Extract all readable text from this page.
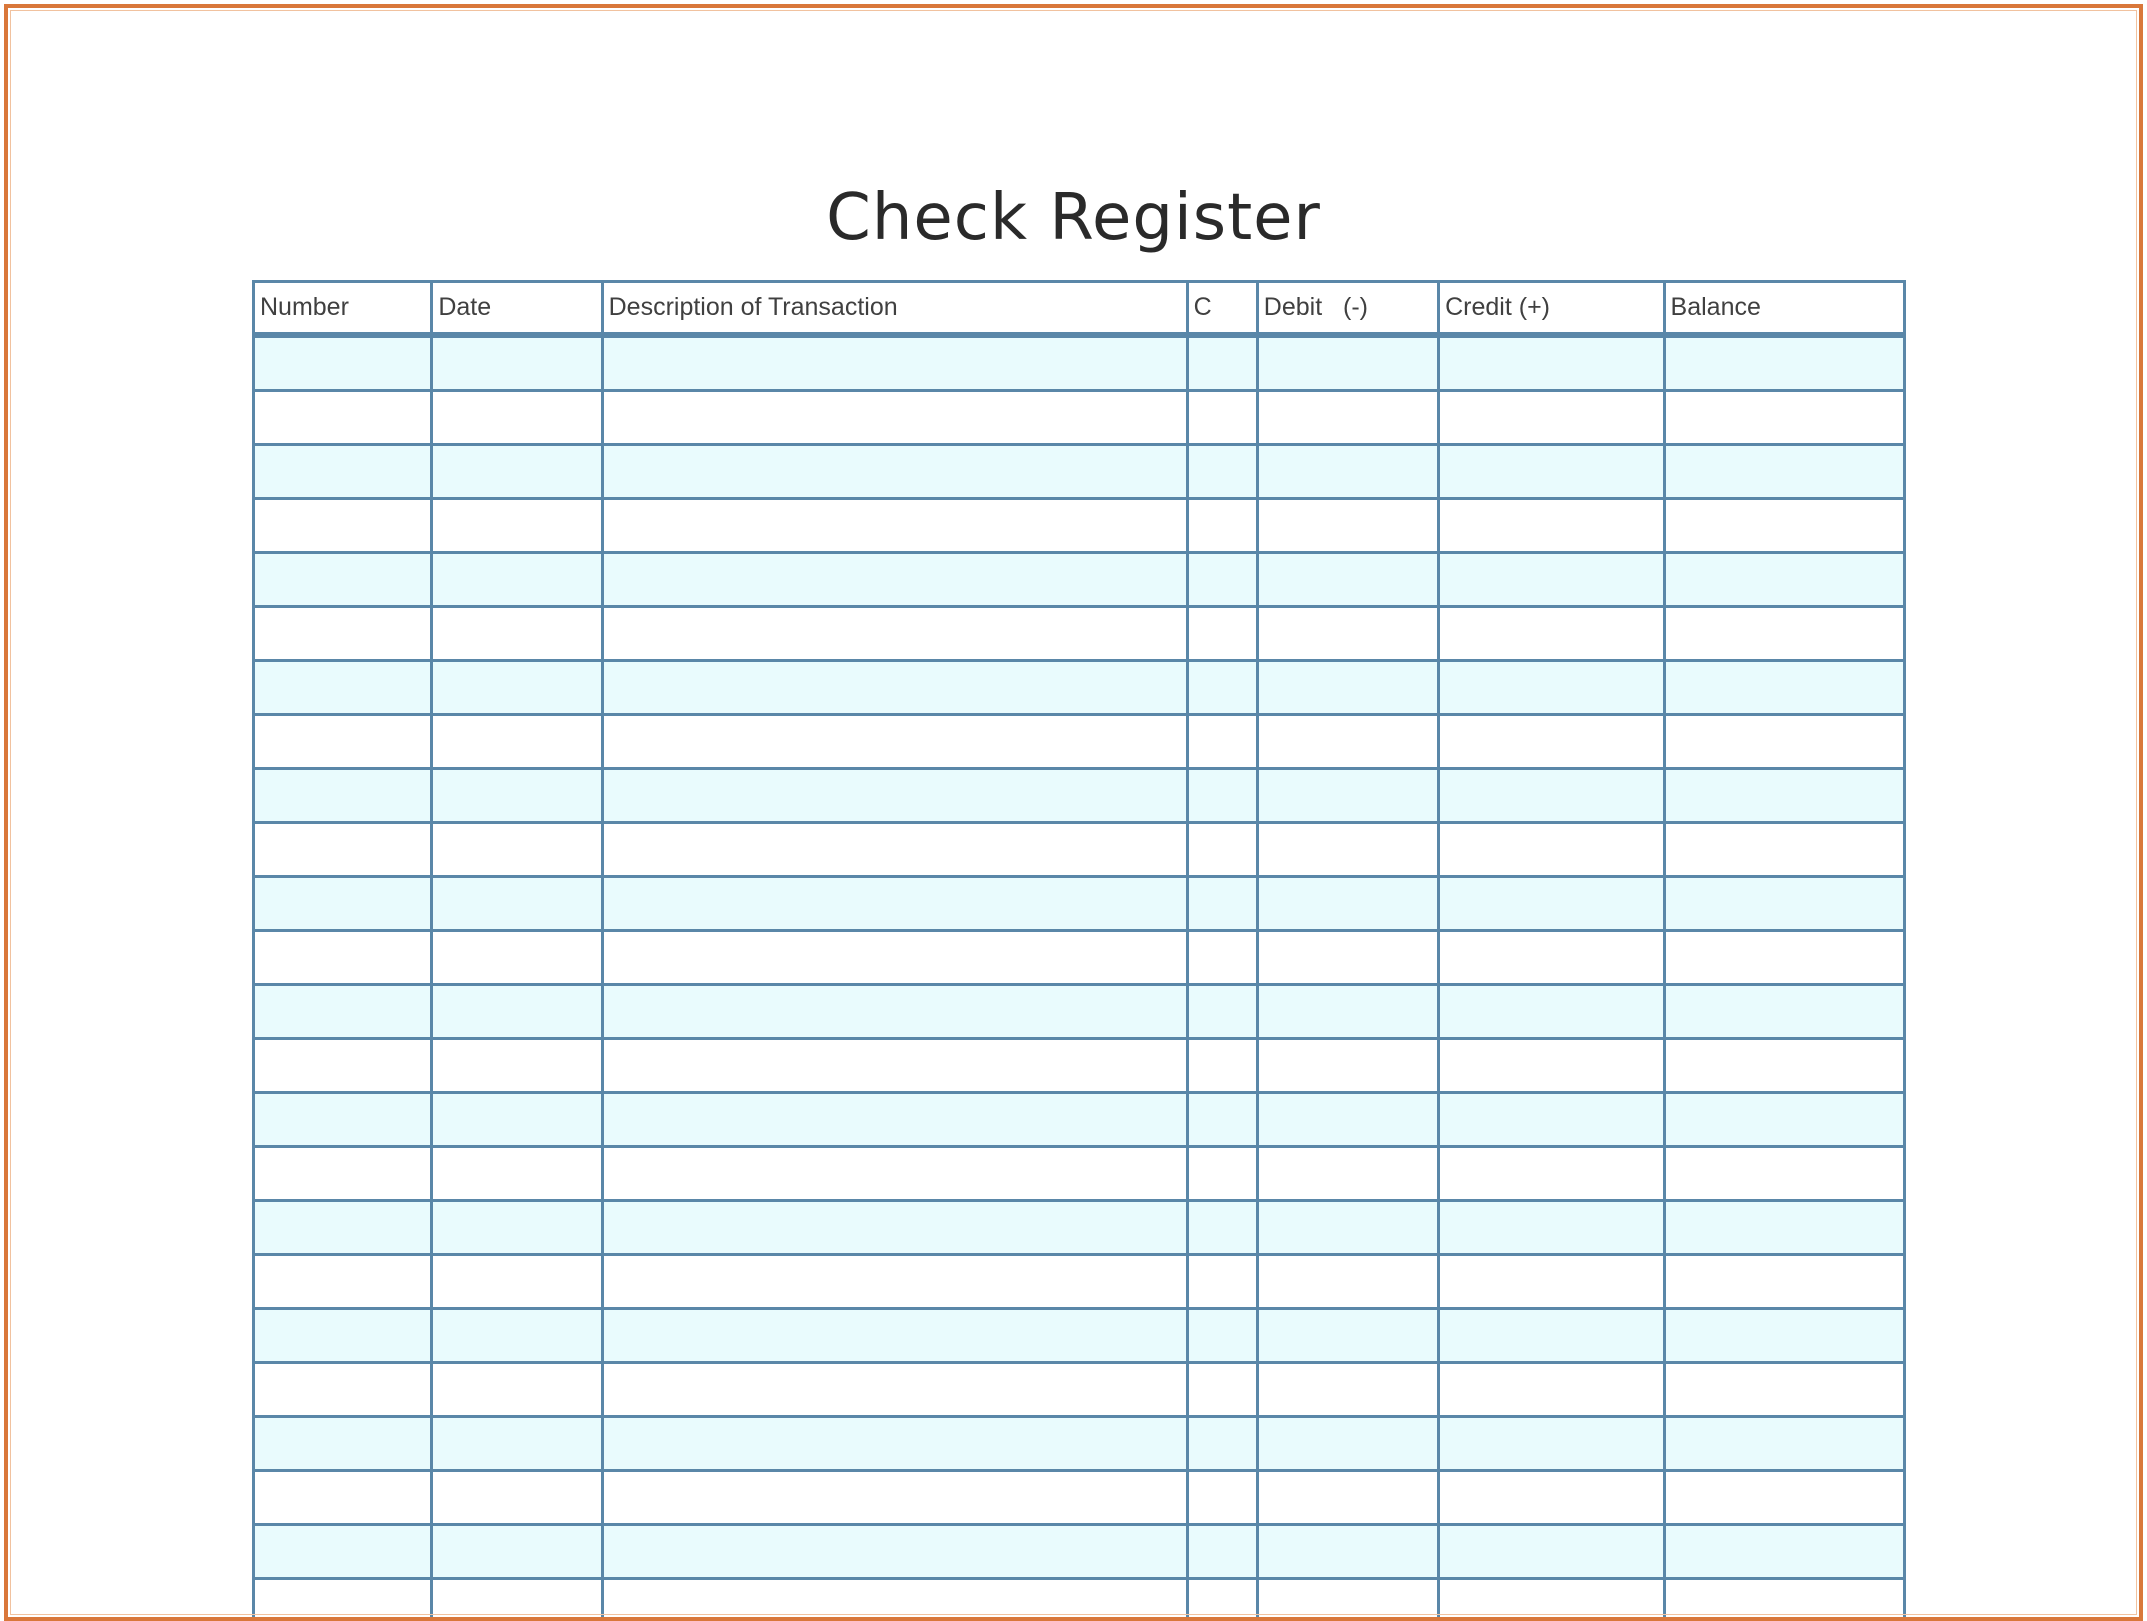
Check Register
Number	Date	Description of Transaction	C	Debit   (-)	Credit (+)	Balance
